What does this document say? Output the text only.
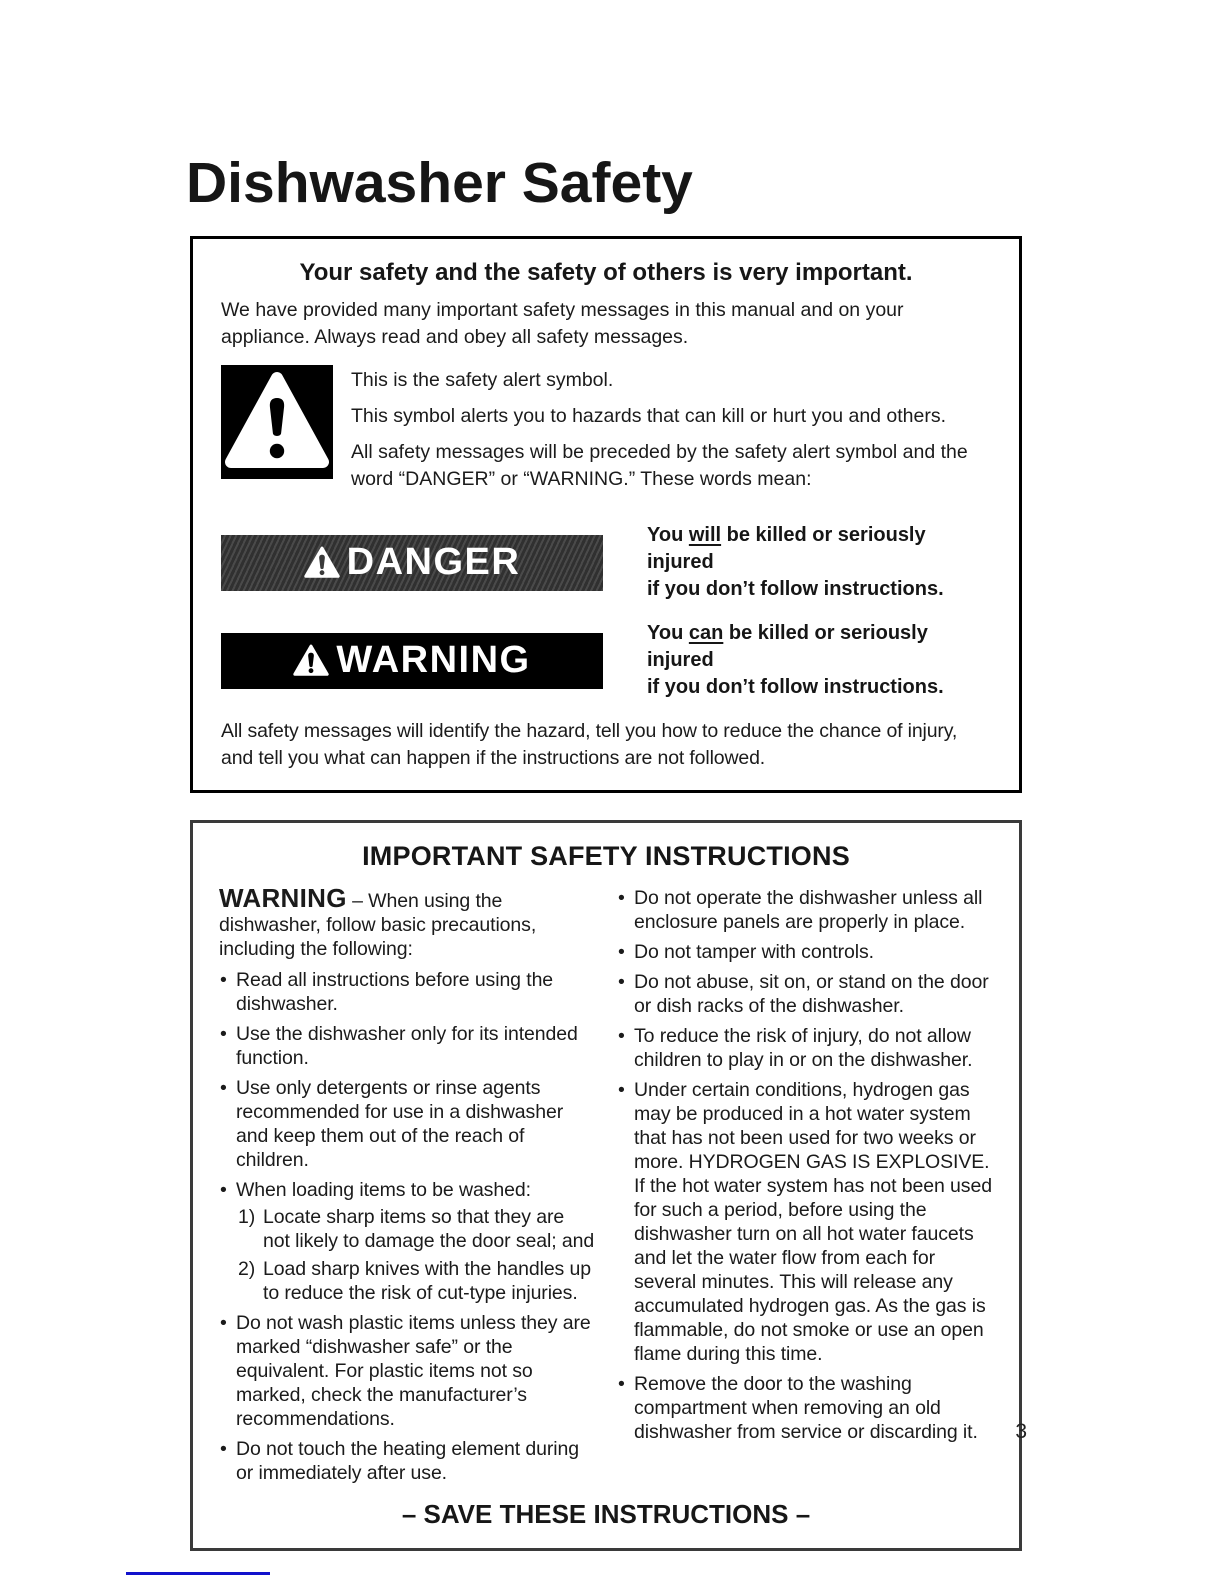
Dishwasher Safety
Your safety and the safety of others is very important.

We have provided many important safety messages in this manual and on your appliance. Always read and obey all safety messages.

This is the safety alert symbol.

This symbol alerts you to hazards that can kill or hurt you and others.

All safety messages will be preceded by the safety alert symbol and the word “DANGER” or “WARNING.” These words mean:

DANGER

You will be killed or seriously injured
if you don’t follow instructions.

WARNING

You can be killed or seriously injured
if you don’t follow instructions.

All safety messages will identify the hazard, tell you how to reduce the chance of injury, and tell you what can happen if the instructions are not followed.

IMPORTANT SAFETY INSTRUCTIONS

WARNING – When using the dishwasher, follow basic precautions, including the following:

• Read all instructions before using the dishwasher.
• Use the dishwasher only for its intended function.
• Use only detergents or rinse agents recommended for use in a dishwasher and keep them out of the reach of children.
• When loading items to be washed:
1) Locate sharp items so that they are not likely to damage the door seal; and
2) Load sharp knives with the handles up to reduce the risk of cut-type injuries.
• Do not wash plastic items unless they are marked “dishwasher safe” or the equivalent. For plastic items not so marked, check the manufacturer’s recommendations.
• Do not touch the heating element during or immediately after use.
• Do not operate the dishwasher unless all enclosure panels are properly in place.
• Do not tamper with controls.
• Do not abuse, sit on, or stand on the door or dish racks of the dishwasher.
• To reduce the risk of injury, do not allow children to play in or on the dishwasher.
• Under certain conditions, hydrogen gas may be produced in a hot water system that has not been used for two weeks or more. HYDROGEN GAS IS EXPLOSIVE. If the hot water system has not been used for such a period, before using the dishwasher turn on all hot water faucets and let the water flow from each for several minutes. This will release any accumulated hydrogen gas. As the gas is flammable, do not smoke or use an open flame during this time.
• Remove the door to the washing compartment when removing an old dishwasher from service or discarding it.

– SAVE THESE INSTRUCTIONS –

3
